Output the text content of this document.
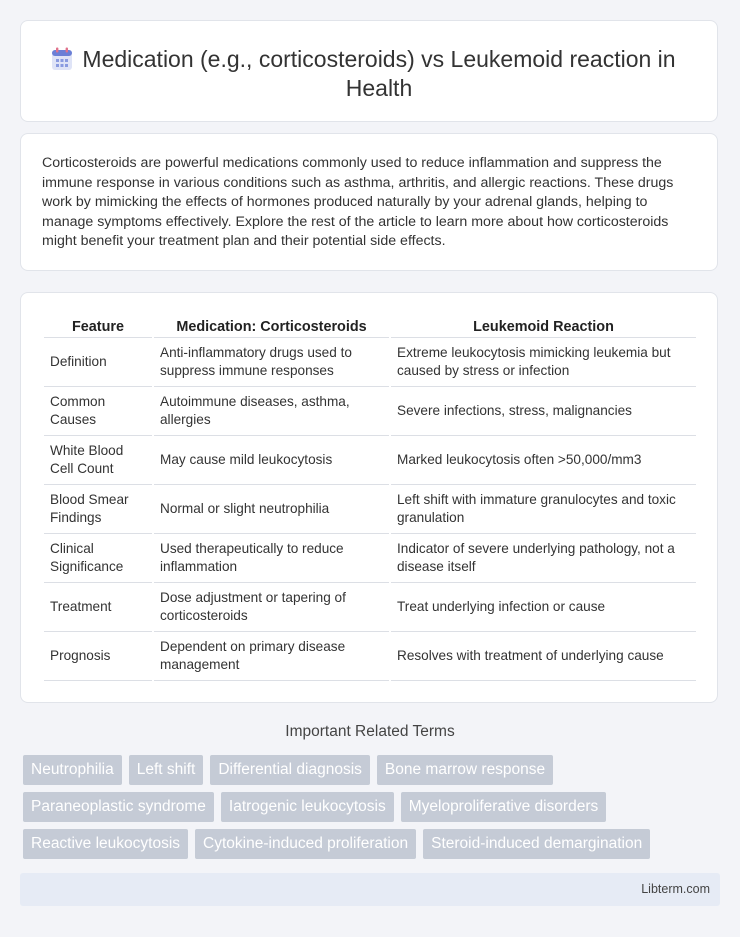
Medication (e.g., corticosteroids) vs Leukemoid reaction in Health

Corticosteroids are powerful medications commonly used to reduce inflammation and suppress the immune response in various conditions such as asthma, arthritis, and allergic reactions. These drugs work by mimicking the effects of hormones produced naturally by your adrenal glands, helping to manage symptoms effectively. Explore the rest of the article to learn more about how corticosteroids might benefit your treatment plan and their potential side effects.

Feature	Medication: Corticosteroids	Leukemoid Reaction
Definition	Anti-inflammatory drugs used to suppress immune responses	Extreme leukocytosis mimicking leukemia but caused by stress or infection
Common Causes	Autoimmune diseases, asthma, allergies	Severe infections, stress, malignancies
White Blood Cell Count	May cause mild leukocytosis	Marked leukocytosis often >50,000/mm3
Blood Smear Findings	Normal or slight neutrophilia	Left shift with immature granulocytes and toxic granulation
Clinical Significance	Used therapeutically to reduce inflammation	Indicator of severe underlying pathology, not a disease itself
Treatment	Dose adjustment or tapering of corticosteroids	Treat underlying infection or cause
Prognosis	Dependent on primary disease management	Resolves with treatment of underlying cause
Important Related Terms
Neutrophilia	Left shift	Differential diagnosis	Bone marrow response
Paraneoplastic syndrome	Iatrogenic leukocytosis	Myeloproliferative disorders
Reactive leukocytosis	Cytokine-induced proliferation	Steroid-induced demargination
Libterm.com
